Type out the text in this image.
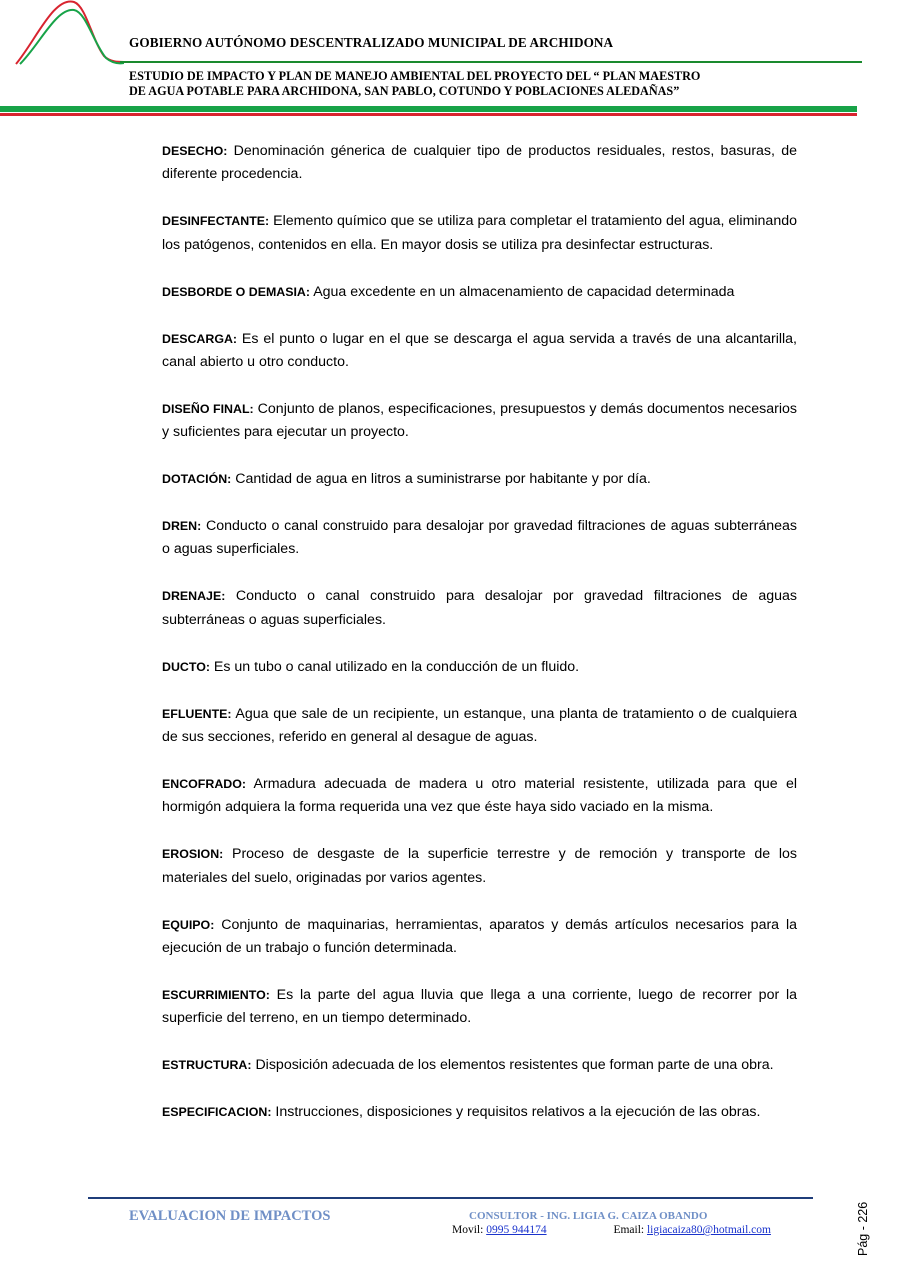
GOBIERNO AUTÓNOMO DESCENTRALIZADO MUNICIPAL DE ARCHIDONA
ESTUDIO DE IMPACTO Y PLAN DE MANEJO AMBIENTAL DEL PROYECTO DEL “ PLAN MAESTRO
DE AGUA POTABLE PARA ARCHIDONA, SAN PABLO, COTUNDO Y POBLACIONES ALEDAÑAS”

DESECHO: Denominación génerica de cualquier tipo de productos residuales, restos, basuras, de diferente procedencia.

DESINFECTANTE: Elemento químico que se utiliza para completar el tratamiento del agua, eliminando los patógenos, contenidos en ella. En mayor dosis se utiliza pra desinfectar estructuras.

DESBORDE O DEMASIA: Agua excedente en un almacenamiento de capacidad determinada

DESCARGA: Es el punto o lugar en el que se descarga el agua servida a través de una alcantarilla, canal abierto u otro conducto.

DISEÑO FINAL: Conjunto de planos, especificaciones, presupuestos y demás documentos necesarios y suficientes para ejecutar un proyecto.

DOTACIÓN: Cantidad de agua en litros a suministrarse por habitante y por día.

DREN: Conducto o canal construido para desalojar por gravedad filtraciones de aguas subterráneas o aguas superficiales.

DRENAJE: Conducto o canal construido para desalojar por gravedad filtraciones de aguas subterráneas o aguas superficiales.

DUCTO: Es un tubo o canal utilizado en la conducción de un fluido.

EFLUENTE: Agua que sale de un recipiente, un estanque, una planta de tratamiento o de cualquiera de sus secciones, referido en general al desague de aguas.

ENCOFRADO: Armadura adecuada de madera u otro material resistente, utilizada para que el hormigón adquiera la forma requerida una vez que éste haya sido vaciado en la misma.

EROSION: Proceso de desgaste de la superficie terrestre y de remoción y transporte de los materiales del suelo, originadas por varios agentes.

EQUIPO: Conjunto de maquinarias, herramientas, aparatos y demás artículos necesarios para la ejecución de un trabajo o función determinada.

ESCURRIMIENTO: Es la parte del agua lluvia que llega a una corriente, luego de recorrer por la superficie del terreno, en un tiempo determinado.

ESTRUCTURA: Disposición adecuada de los elementos resistentes que forman parte de una obra.

ESPECIFICACION: Instrucciones, disposiciones y requisitos relativos a la ejecución de las obras.

EVALUACION DE IMPACTOS	CONSULTOR - ING. LIGIA G. CAIZA OBANDO
Movil: 0995 944174	Email: ligiacaiza80@hotmail.com	Pág - 226
